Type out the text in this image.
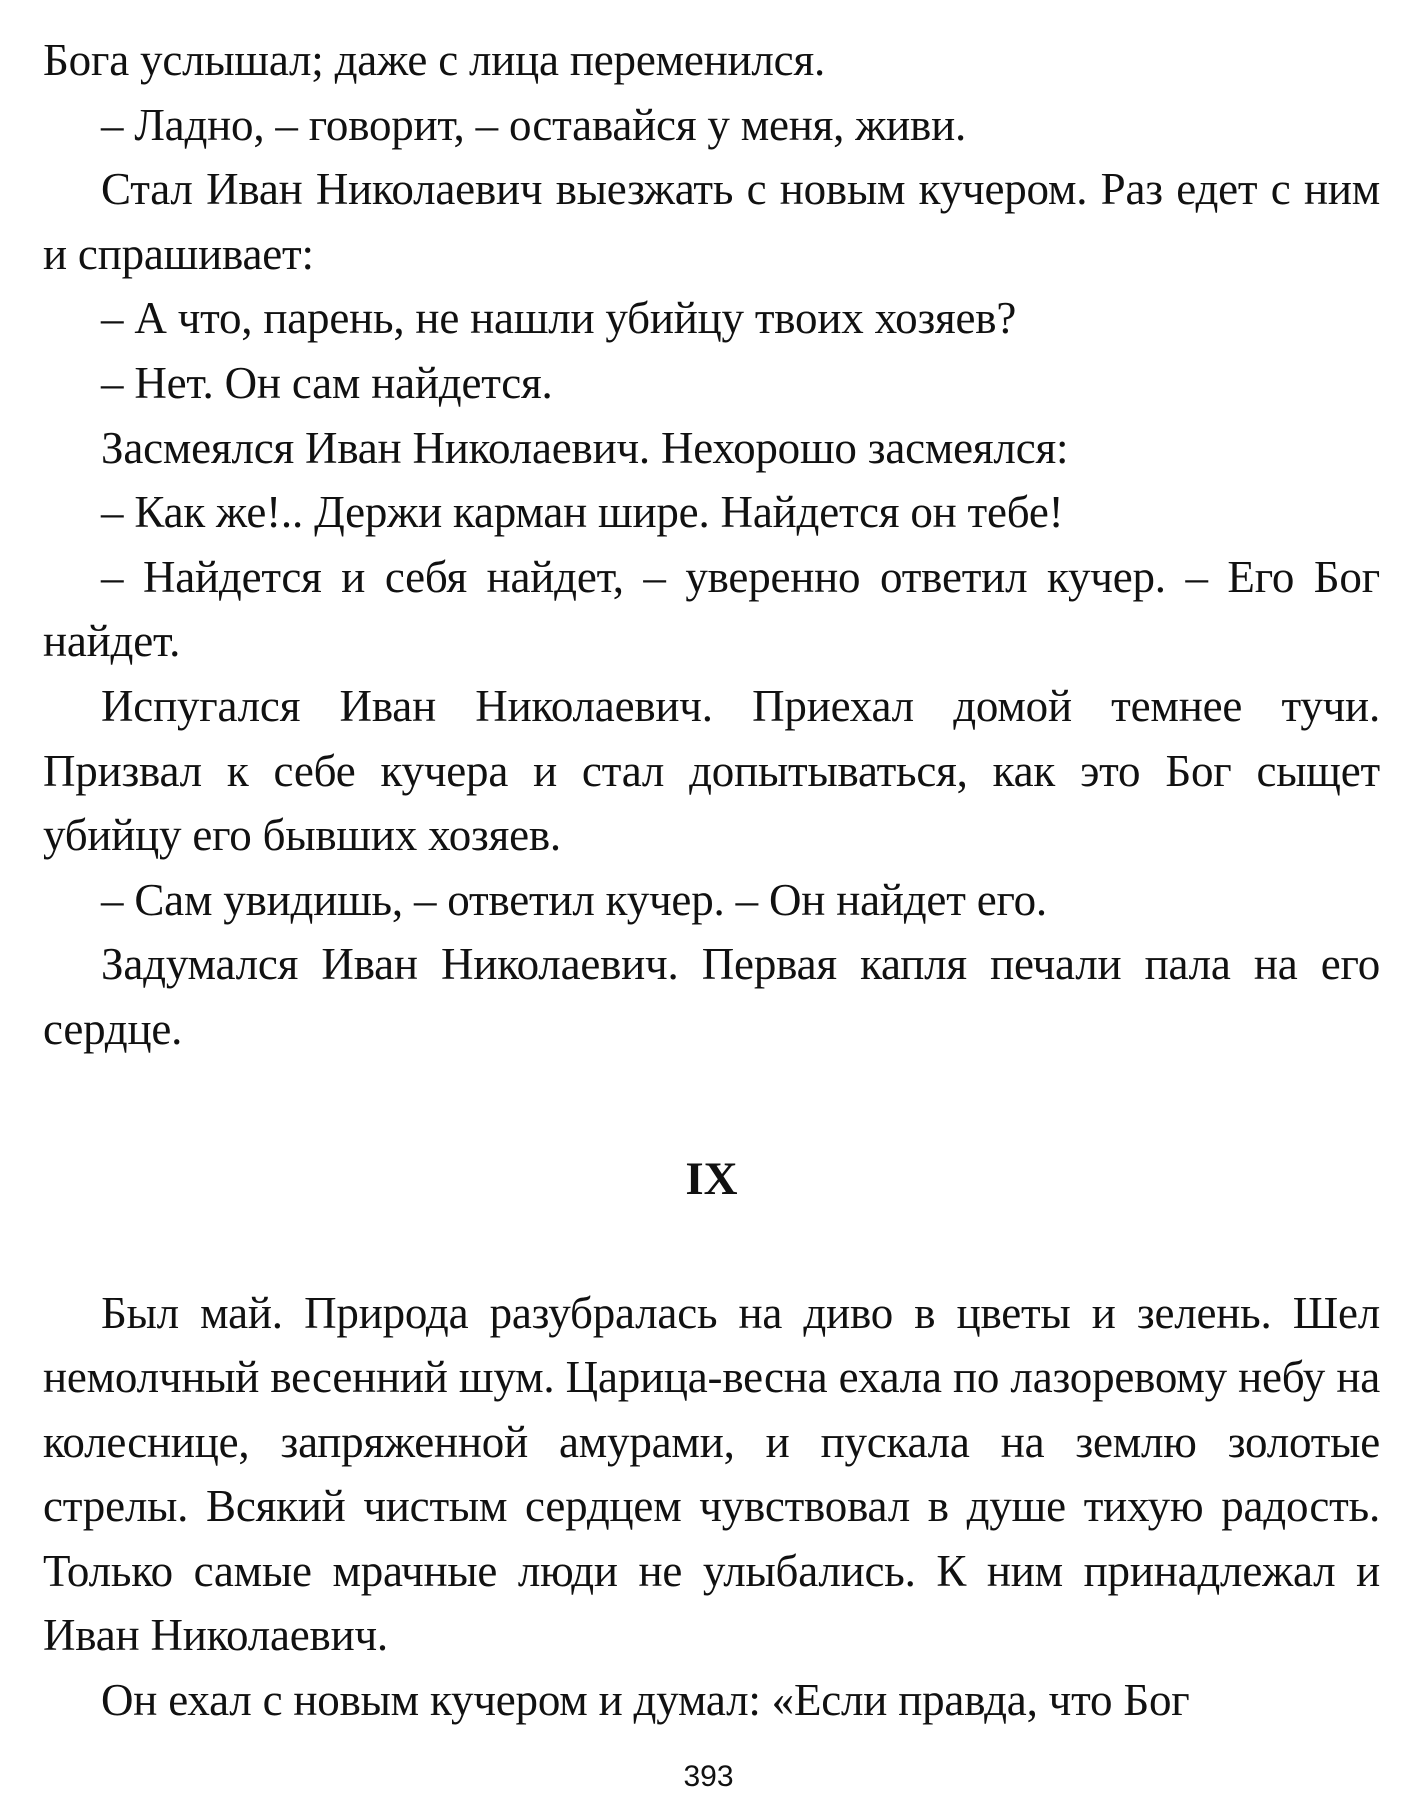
Бога услышал; даже с лица переменился.

– Ладно, – говорит, – оставайся у меня, живи.

Стал Иван Николаевич выезжать с новым кучером. Раз едет с ним и спрашивает:

– А что, парень, не нашли убийцу твоих хозяев?

– Нет. Он сам найдется.

Засмеялся Иван Николаевич. Нехорошо засмеялся:

– Как же!.. Держи карман шире. Найдется он тебе!

– Найдется и себя найдет, – уверенно ответил кучер. – Его Бог найдет.

Испугался Иван Николаевич. Приехал домой темнее тучи. Призвал к себе кучера и стал допытываться, как это Бог сыщет убийцу его бывших хозяев.

– Сам увидишь, – ответил кучер. – Он найдет его.

Задумался Иван Николаевич. Первая капля печали пала на его сердце.

IX

Был май. Природа разубралась на диво в цветы и зелень. Шел немолчный весенний шум. Царица-весна ехала по лазоревому небу на колеснице, запряженной амурами, и пускала на землю золотые стрелы. Всякий чистым сердцем чувствовал в душе тихую радость. Только самые мрачные люди не улыбались. К ним принадлежал и Иван Николаевич.

Он ехал с новым кучером и думал: «Если правда, что Бог

393
